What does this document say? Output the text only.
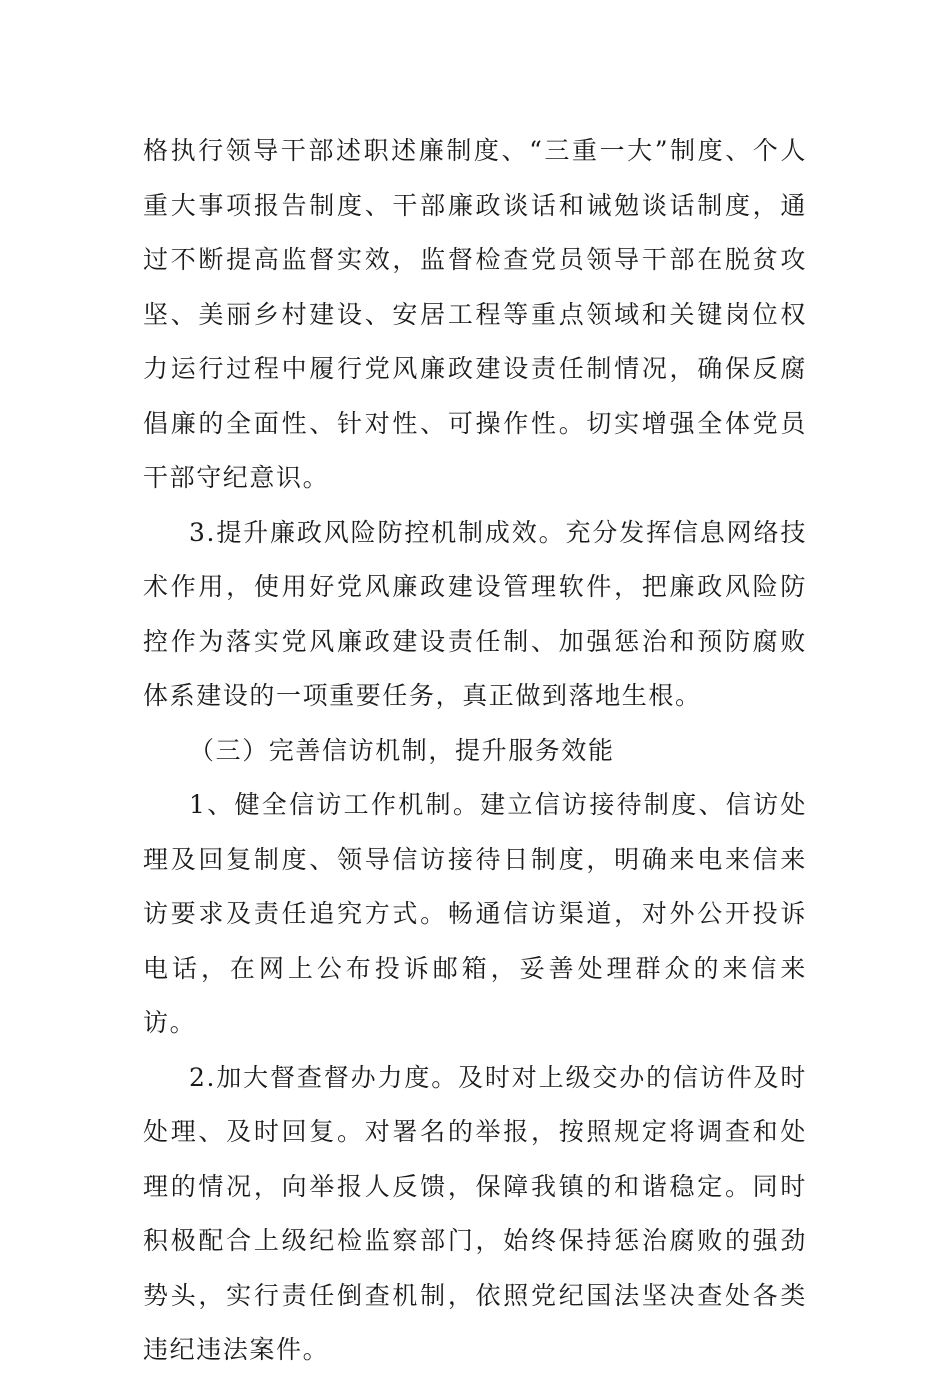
格执行领导干部述职述廉制度、“三重一大”制度、个人重大事项报告制度、干部廉政谈话和诫勉谈话制度，通过不断提高监督实效，监督检查党员领导干部在脱贫攻坚、美丽乡村建设、安居工程等重点领域和关键岗位权力运行过程中履行党风廉政建设责任制情况，确保反腐倡廉的全面性、针对性、可操作性。切实增强全体党员干部守纪意识。

3.提升廉政风险防控机制成效。充分发挥信息网络技术作用，使用好党风廉政建设管理软件，把廉政风险防控作为落实党风廉政建设责任制、加强惩治和预防腐败体系建设的一项重要任务，真正做到落地生根。

（三）完善信访机制，提升服务效能

1、健全信访工作机制。建立信访接待制度、信访处理及回复制度、领导信访接待日制度，明确来电来信来访要求及责任追究方式。畅通信访渠道，对外公开投诉电话，在网上公布投诉邮箱，妥善处理群众的来信来访。

2.加大督查督办力度。及时对上级交办的信访件及时处理、及时回复。对署名的举报，按照规定将调查和处理的情况，向举报人反馈，保障我镇的和谐稳定。同时积极配合上级纪检监察部门，始终保持惩治腐败的强劲势头，实行责任倒查机制，依照党纪国法坚决查处各类违纪违法案件。
